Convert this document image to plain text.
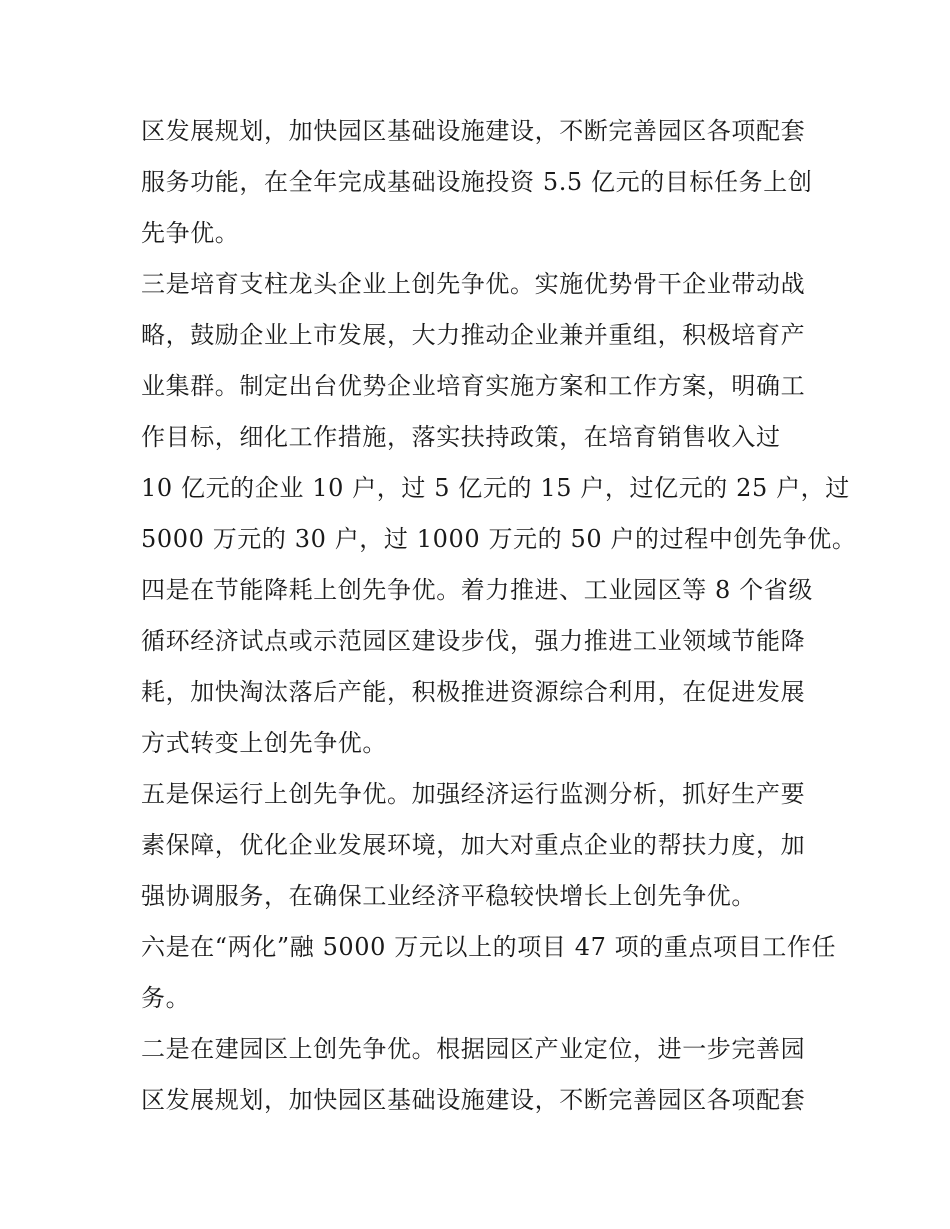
区发展规划，加快园区基础设施建设，不断完善园区各项配套
服务功能，在全年完成基础设施投资 5.5 亿元的目标任务上创
先争优。
三是培育支柱龙头企业上创先争优。实施优势骨干企业带动战
略，鼓励企业上市发展，大力推动企业兼并重组，积极培育产
业集群。制定出台优势企业培育实施方案和工作方案，明确工
作目标，细化工作措施，落实扶持政策，在培育销售收入过
10 亿元的企业 10 户，过 5 亿元的 15 户，过亿元的 25 户，过
5000 万元的 30 户，过 1000 万元的 50 户的过程中创先争优。
四是在节能降耗上创先争优。着力推进、工业园区等 8 个省级
循环经济试点或示范园区建设步伐，强力推进工业领域节能降
耗，加快淘汰落后产能，积极推进资源综合利用，在促进发展
方式转变上创先争优。
五是保运行上创先争优。加强经济运行监测分析，抓好生产要
素保障，优化企业发展环境，加大对重点企业的帮扶力度，加
强协调服务，在确保工业经济平稳较快增长上创先争优。
六是在“两化”融 5000 万元以上的项目 47 项的重点项目工作任
务。
二是在建园区上创先争优。根据园区产业定位，进一步完善园
区发展规划，加快园区基础设施建设，不断完善园区各项配套
